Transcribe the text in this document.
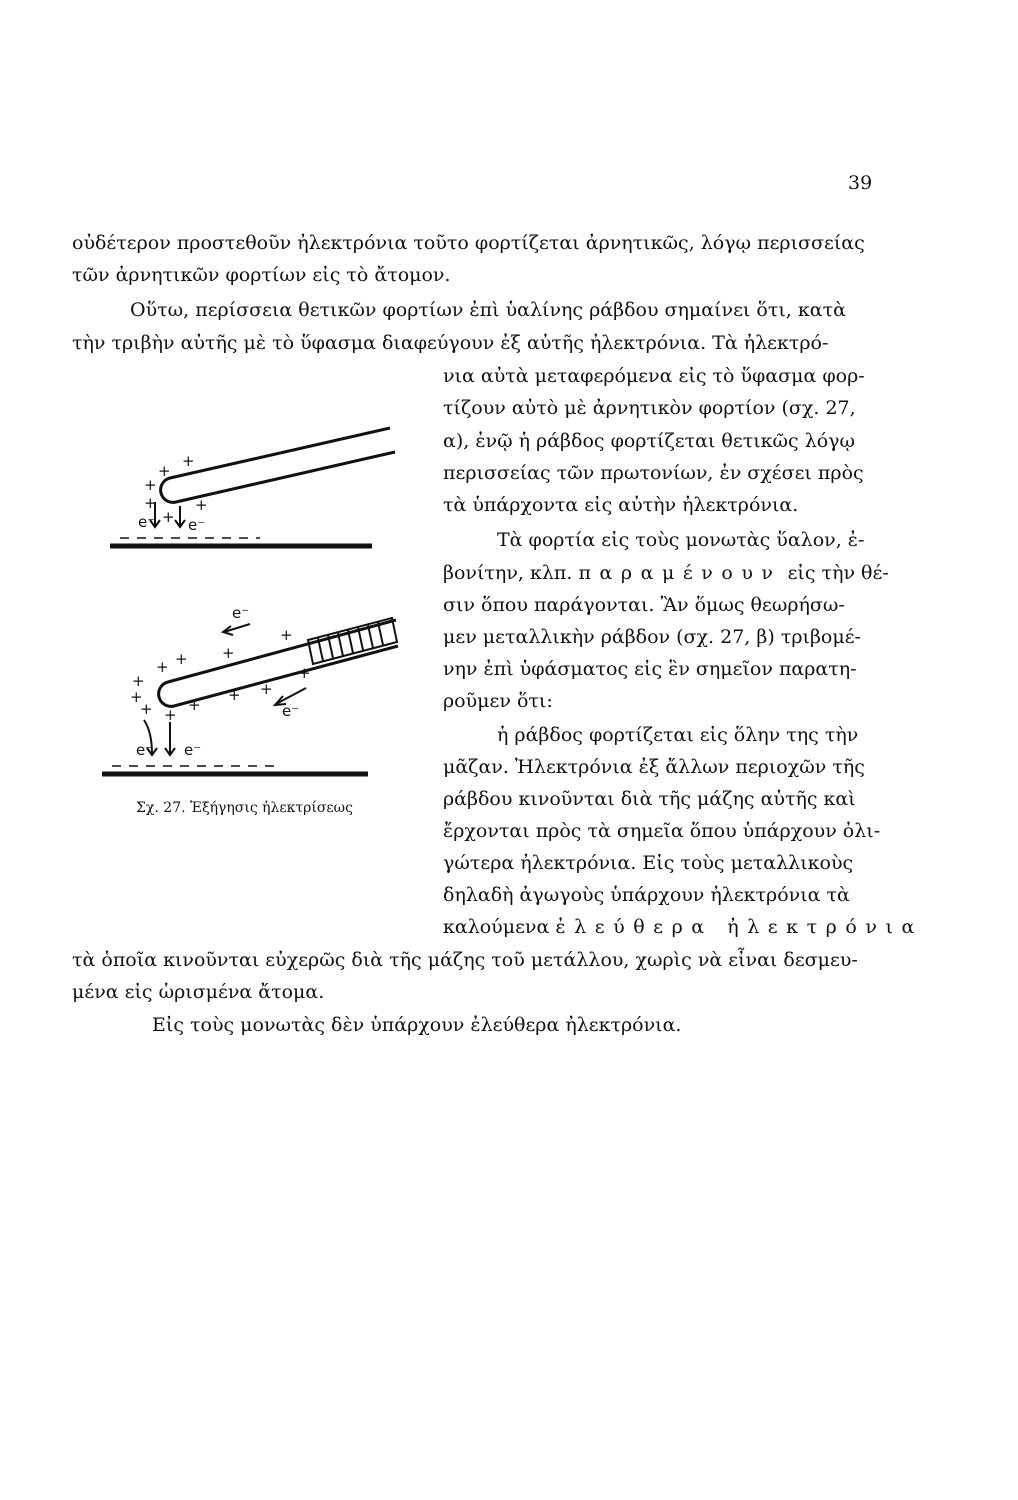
39
οὐδέτερον προστεθοῦν ἠλεκτρόνια τοῦτο φορτίζεται ἀρνητικῶς, λόγῳ περισσείας
τῶν ἀρνητικῶν φορτίων εἰς τὸ ἄτομον.
Οὕτω, περίσσεια θετικῶν φορτίων ἐπὶ ὑαλίνης ράβδου σημαίνει ὅτι, κατὰ
τὴν τριβὴν αὐτῆς μὲ τὸ ὕφασμα διαφεύγουν ἐξ αὐτῆς ἠλεκτρόνια. Τὰ ἠλεκτρό-
νια αὐτὰ μεταφερόμενα εἰς τὸ ὕφασμα φορ-
τίζουν αὐτὸ μὲ ἀρνητικὸν φορτίον (σχ. 27,
α), ἐνῷ ἡ ράβδος φορτίζεται θετικῶς λόγῳ
περισσείας τῶν πρωτονίων, ἐν σχέσει πρὸς
τὰ ὑπάρχοντα εἰς αὐτὴν ἠλεκτρόνια.
Τὰ φορτία εἰς τοὺς μονωτὰς ὕαλον, ἐ-
βονίτην, κλπ. παραμένουν εἰς τὴν θέ-
σιν ὅπου παράγονται. Ἂν ὅμως θεωρήσω-
μεν μεταλλικὴν ράβδον (σχ. 27, β) τριβομέ-
νην ἐπὶ ὑφάσματος εἰς ἓν σημεῖον παρατη-
ροῦμεν ὅτι:
ἡ ράβδος φορτίζεται εἰς ὅλην της τὴν
μᾶζαν. Ἠλεκτρόνια ἐξ ἄλλων περιοχῶν τῆς
ράβδου κινοῦνται διὰ τῆς μάζης αὐτῆς καὶ
ἔρχονται πρὸς τὰ σημεῖα ὅπου ὑπάρχουν ὀλι-
γώτερα ἠλεκτρόνια. Εἰς τοὺς μεταλλικοὺς
δηλαδὴ ἀγωγοὺς ὑπάρχουν ἠλεκτρόνια τὰ
καλούμενα ἐλεύθερα ἠλεκτρόνια
τὰ ὁποῖα κινοῦνται εὐχερῶς διὰ τῆς μάζης τοῦ μετάλλου, χωρὶς νὰ εἶναι δεσμευ-
μένα εἰς ὡρισμένα ἄτομα.
Εἰς τοὺς μονωτὰς δὲν ὑπάρχουν ἐλεύθερα ἠλεκτρόνια.
+
+
+
+	+
+
e⁻ e⁻
+
+
+
+
+
+
+ +
+
+ +
+
e⁻
e⁻
e⁻ e⁻
Σχ. 27. Ἐξήγησις ἠλεκτρίσεως
